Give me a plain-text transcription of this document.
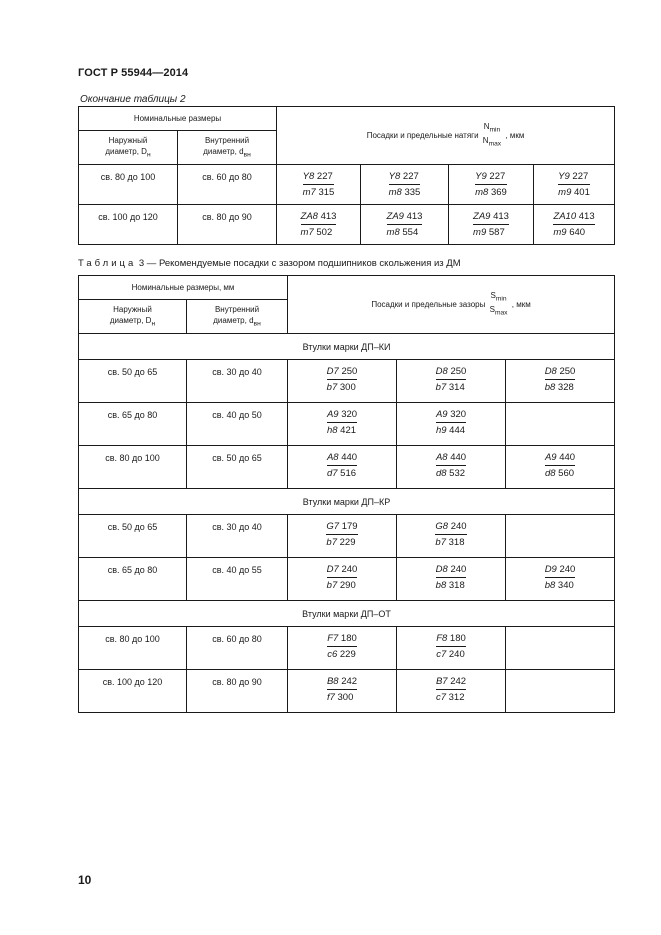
ГОСТ Р 55944—2014
Окончание таблицы 2
Номинальные размеры		Посадки и предельные натяги
$N_{min}$
$N_{max}$
, мкм			
Наружный
диаметр, $D_н$	Внутренний
диаметр, $d_{вн}$
св. 80 до 100	св. 60 до 80	$\frac{Y8 227}{m7 315}$	$\frac{Y8 227}{m8 335}$	$\frac{Y9 227}{m8 369}$	$\frac{Y9 227}{m9 401}$

св. 100 до 120	св. 80 до 90	$\frac{ZA8 413}{m7 502}$	$\frac{ZA9 413}{m8 554}$	$\frac{ZA9 413}{m9 587}$	$\frac{ZA10 413}{m9 640}$
Таблица 3 — Рекомендуемые посадки с зазором подшипников скольжения из ДМ
Номинальные размеры, мм		Посадки и предельные зазоры
$S_{min}$
$S_{max}$
, мкм		
Наружный
диаметр, $D_н$	Внутренний
диаметр, $d_{вн}$
Втулки марки ДП–КИ				
св. 50 до 65	св. 30 до 40	$\frac{D7 250}{b7 300}$	$\frac{D8 250}{b7 314}$	$\frac{D8 250}{b8 328}$

св. 65 до 80	св. 40 до 50	$\frac{A9 320}{h8 421}$	$\frac{A9 320}{h9 444}$

св. 80 до 100	св. 50 до 65	$\frac{A8 440}{d7 516}$	$\frac{A8 440}{d8 532}$	$\frac{A9 440}{d8 560}$

Втулки марки ДП–КР				
св. 50 до 65	св. 30 до 40	$\frac{G7 179}{b7 229}$	$\frac{G8 240}{b7 318}$

св. 65 до 80	св. 40 до 55	$\frac{D7 240}{b7 290}$	$\frac{D8 240}{b8 318}$	$\frac{D9 240}{b8 340}$

Втулки марки ДП–ОТ				
св. 80 до 100	св. 60 до 80	$\frac{F7 180}{c6 229}$	$\frac{F8 180}{c7 240}$

св. 100 до 120	св. 80 до 90	$\frac{B8 242}{f7 300}$	$\frac{B7 242}{c7 312}$

10
